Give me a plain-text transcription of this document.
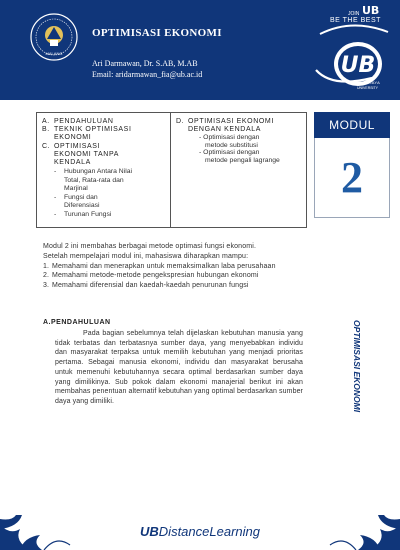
MALANG
OPTIMISASI EKONOMI
Ari Darmawan, Dr. S.AB, M.AB
Email: aridarmawan_fia@ub.ac.id	UB
JOIN UB
BE THE BEST
BRAWIJAYA
UNIVERSITY
A. PENDAHULUAN
B. TEKNIK OPTIMISASI
EKONOMI
C. OPTIMISASI
EKONOMI TANPA
KENDALA
-	Hubungan Antara Nilai
Total, Rata-rata dan
Marjinal
-	Fungsi dan
Diferensiasi
-	Turunan Fungsi
D. OPTIMISASI EKONOMI
DENGAN KENDALA
- Optimisasi dengan
metode substitusi
- Optimisasi dengan
metode pengali lagrange
MODUL
2
OPTIMISASI EKONOMI

Modul 2 ini membahas berbagai metode optimasi fungsi ekonomi.

Setelah mempelajari modul ini, mahasiswa diharapkan mampu:

1. Memahami dan menerapkan untuk memaksimalkan laba perusahaan
2. Memahami metode-metode pengekspresian hubungan ekonomi
3. Memahami diferensial dan kaedah-kaedah penurunan fungsi
A.PENDAHULUAN
Pada bagian sebelumnya telah dijelaskan kebutuhan manusia yang tidak terbatas dan terbatasnya sumber daya, yang menyebabkan individu dan masyarakat terpaksa untuk memilih kebutuhan yang menjadi prioritas pertama. Sebagai manusia ekonomi, individu dan masyarakat berusaha untuk memenuhi kebutuhannya secara optimal berdasarkan sumber daya yang dimilikinya. Sub pokok dalam ekonomi manajerial berikut ini akan membahas penentuan alternatif kebutuhan yang optimal berdasarkan sumber daya yang dimiliki.
UBDistanceLearning
